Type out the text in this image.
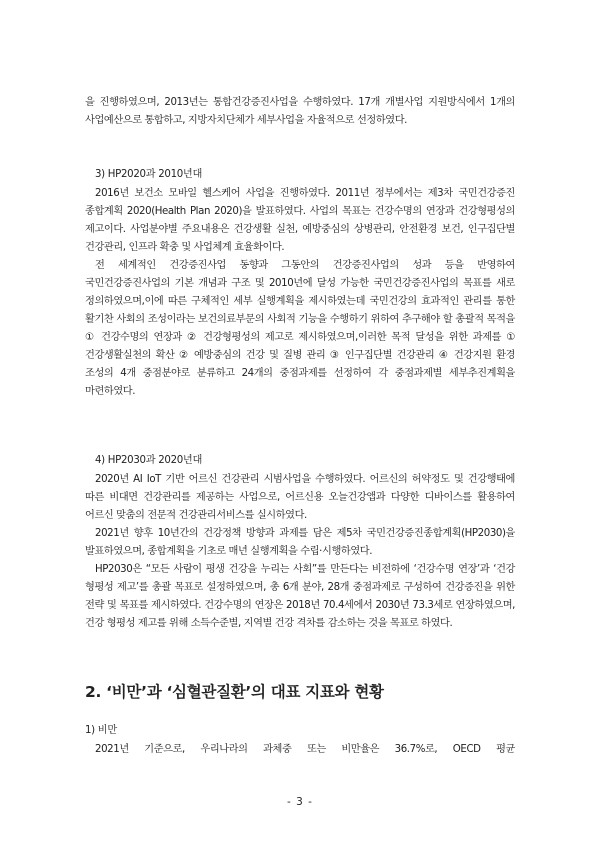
을 진행하였으며, 2013년는 통합건강증진사업을 수행하였다. 17개 개별사업 지원방식에서 1개의 사업예산으로 통합하고, 지방자치단체가 세부사업을 자율적으로 선정하였다.

3) HP2020과 2010년대

2016년 보건소 모바일 헬스케어 사업을 진행하였다. 2011년 정부에서는 제3차 국민건강증진 종합계획 2020(Health Plan 2020)을 발표하였다. 사업의 목표는 건강수명의 연장과 건강형평성의 제고이다. 사업분야별 주요내용은 건강생활 실천, 예방중심의 상병관리, 안전환경 보건, 인구집단별 건강관리, 인프라 확충 및 사업체계 효율화이다.

전 세계적인 건강증진사업 동향과 그동안의 건강증진사업의 성과 등을 반영하여 국민건강증진사업의 기본 개념과 구조 및 2010년에 달성 가능한 국민건강증진사업의 목표를 새로 정의하였으며,이에 따른 구체적인 세부 실행계획을 제시하였는데 국민건강의 효과적인 관리를 통한 활기찬 사회의 조성이라는 보건의료부문의 사회적 기능을 수행하기 위하여 추구해야 할 총괄적 목적을 ① 건강수명의 연장과 ② 건강형평성의 제고로 제시하였으며,이러한 목적 달성을 위한 과제를 ① 건강생활실천의 확산 ② 예방중심의 건강 및 질병 관리 ③ 인구집단별 건강관리 ④ 건강지원 환경 조성의 4개 중점분야로 분류하고 24개의 중점과제를 선정하여 각 중점과제별 세부추진계획을 마련하였다.

4) HP2030과 2020년대

2020년 AI IoT 기반 어르신 건강관리 시범사업을 수행하였다. 어르신의 허약정도 및 건강행태에 따른 비대면 건강관리를 제공하는 사업으로, 어르신용 오늘건강앱과 다양한 디바이스를 활용하여 어르신 맞춤의 전문적 건강관리서비스를 실시하였다.

2021년 향후 10년간의 건강정책 방향과 과제를 담은 제5차 국민건강증진종합계획(HP2030)을 발표하였으며, 종합계획을 기초로 매년 실행계획을 수립·시행하였다.

HP2030은 “모든 사람이 평생 건강을 누리는 사회”를 만든다는 비전하에 ‘건강수명 연장’과 ‘건강 형평성 제고’를 총괄 목표로 설정하였으며, 총 6개 분야, 28개 중점과제로 구성하여 건강증진을 위한 전략 및 목표를 제시하였다. 건강수명의 연장은 2018년 70.4세에서 2030년 73.3세로 연장하였으며, 건강 형평성 제고를 위해 소득수준별, 지역별 건강 격차를 감소하는 것을 목표로 하였다.

2. ‘비만’과 ‘심혈관질환’의 대표 지표와 현황

1) 비만

2021년 기준으로, 우리나라의 과체중 또는 비만율은 36.7%로, OECD 평균

- 3 -
